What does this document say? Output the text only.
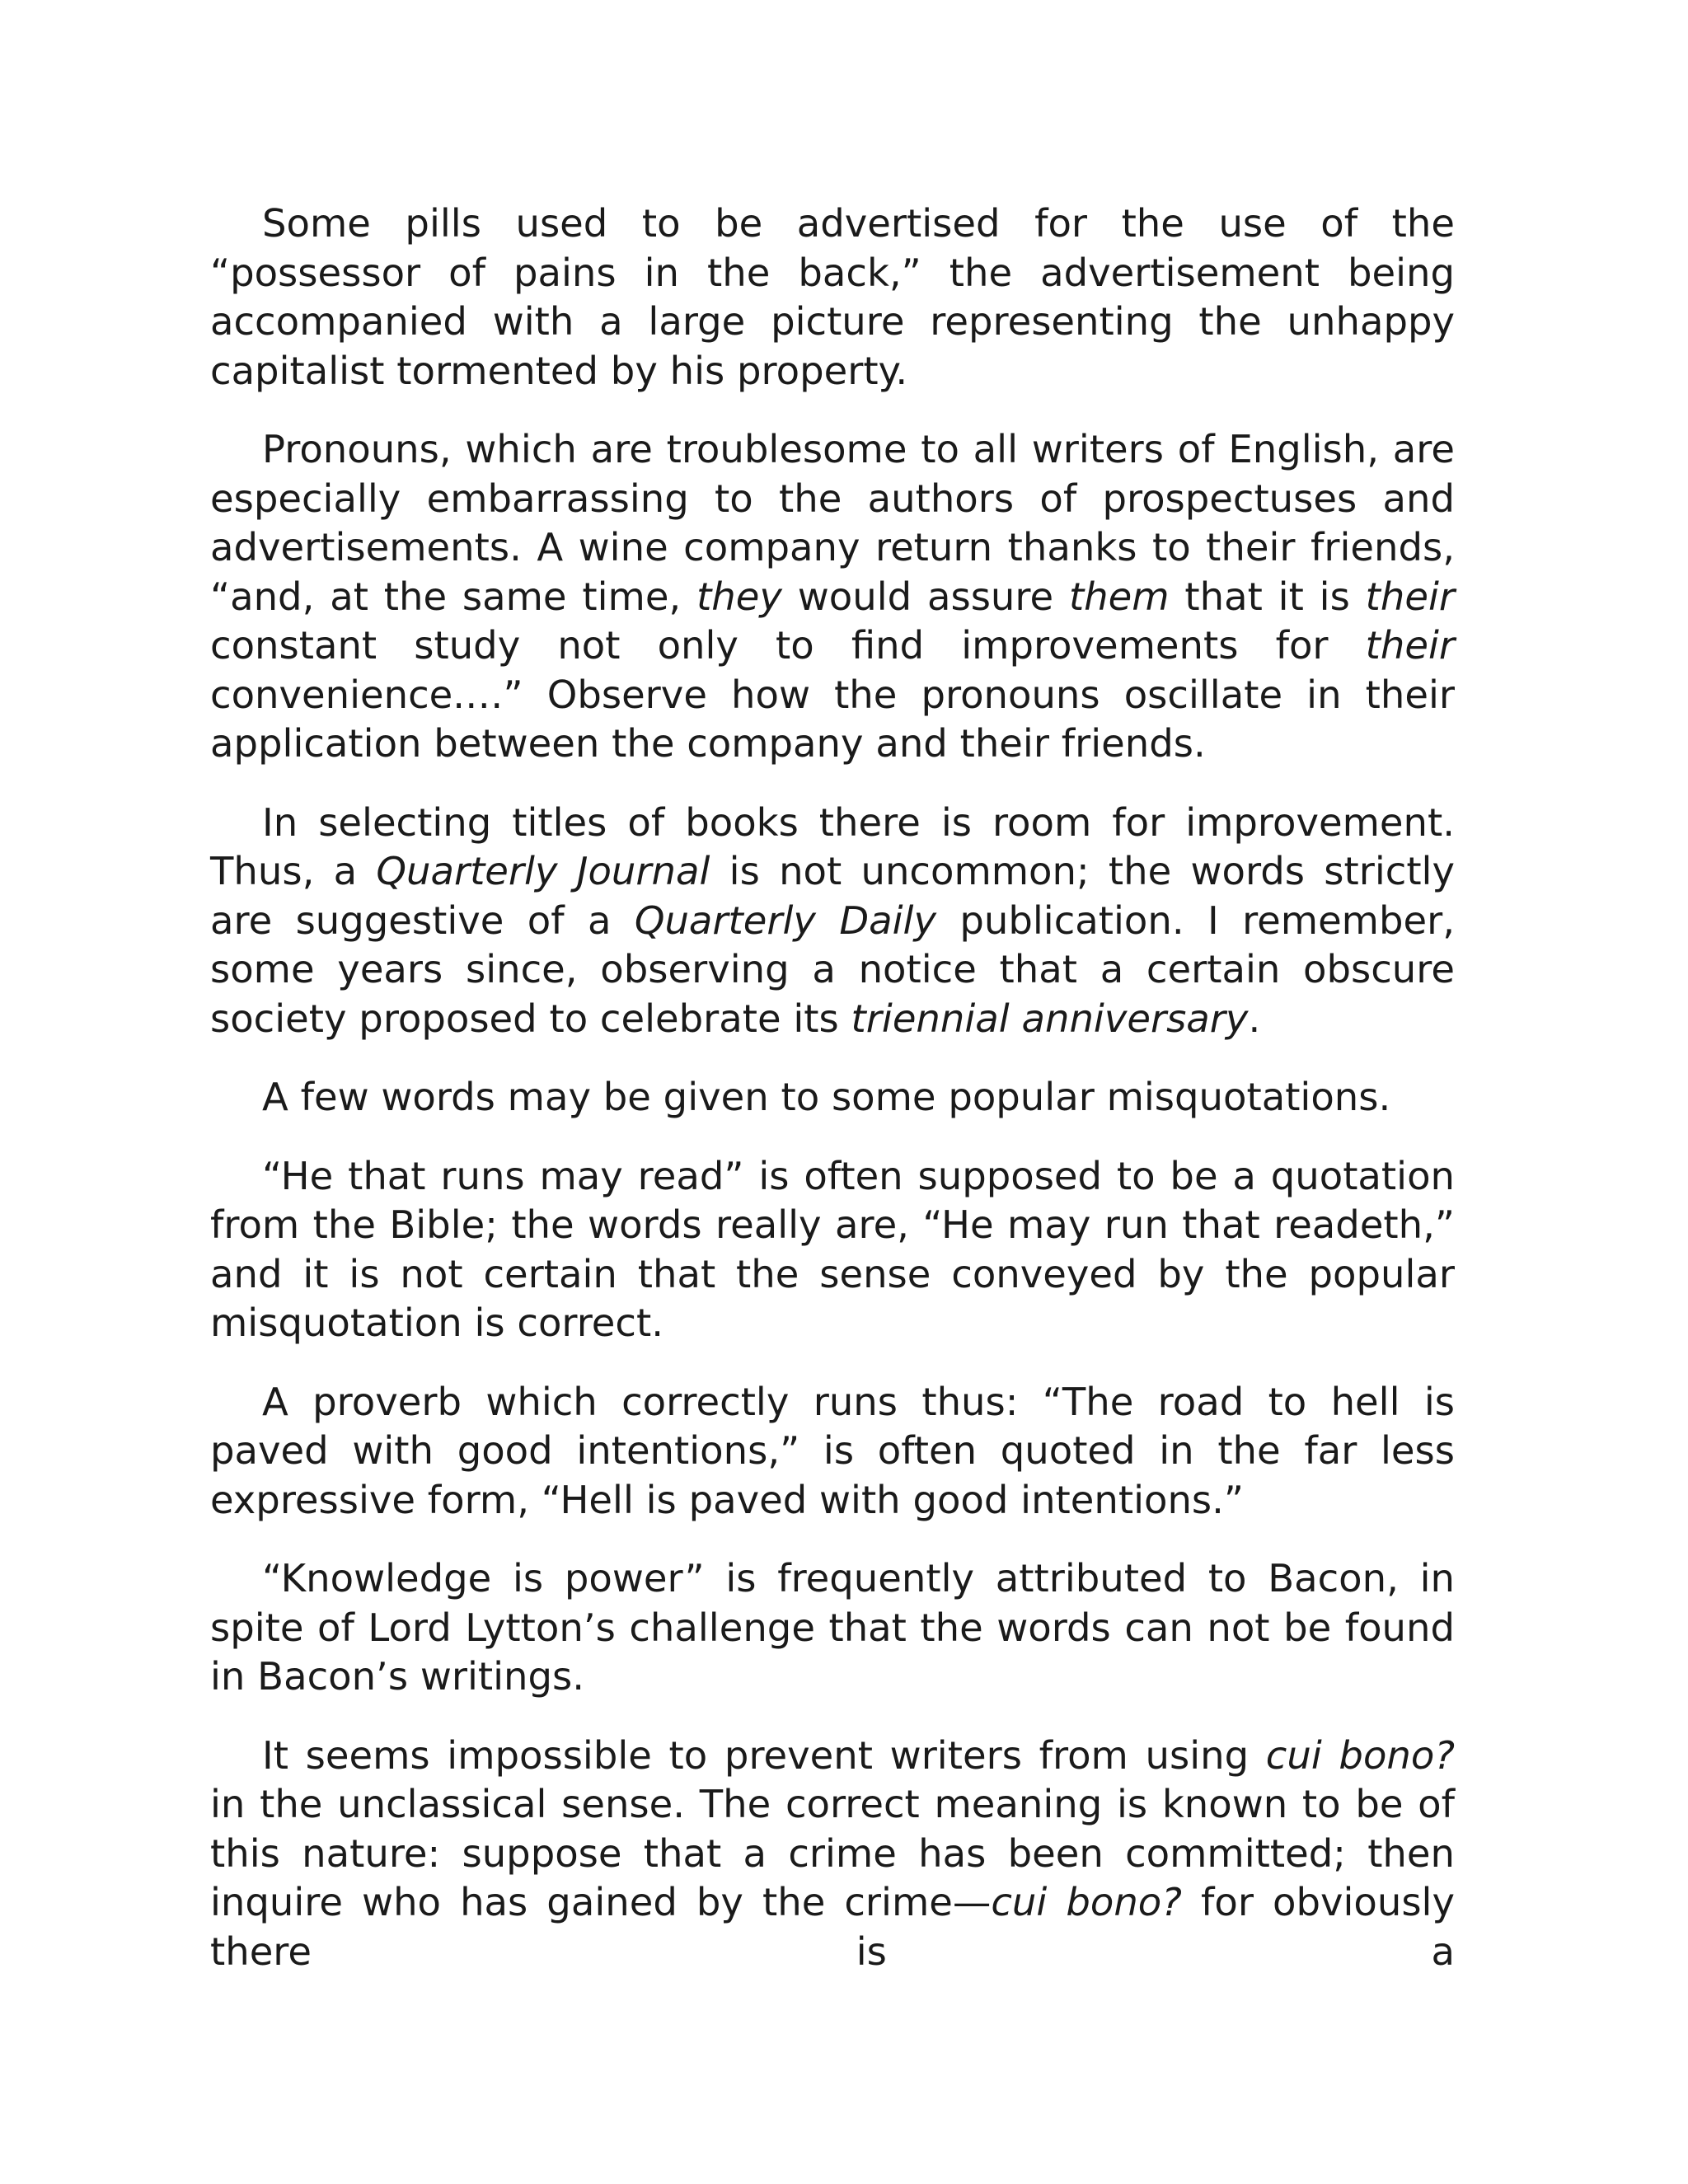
Some pills used to be advertised for the use of the “possessor of pains in the back,” the advertisement being accompanied with a large picture representing the unhappy capitalist tormented by his property.

Pronouns, which are troublesome to all writers of English, are especially embarrassing to the authors of prospectuses and advertisements. A wine company return thanks to their friends, “and, at the same time, they would assure them that it is their constant study not only to find improvements for their convenience.…” Observe how the pronouns oscillate in their application between the company and their friends.

In selecting titles of books there is room for improvement. Thus, a Quarterly Journal is not uncommon; the words strictly are suggestive of a Quarterly Daily publication. I remember, some years since, observing a notice that a certain obscure society proposed to celebrate its triennial anniversary.

A few words may be given to some popular misquotations.

“He that runs may read” is often supposed to be a quotation from the Bible; the words really are, “He may run that readeth,” and it is not certain that the sense conveyed by the popular misquotation is correct.

A proverb which correctly runs thus: “The road to hell is paved with good intentions,” is often quoted in the far less expressive form, “Hell is paved with good intentions.”

“Knowledge is power” is frequently attributed to Bacon, in spite of Lord Lytton’s challenge that the words can not be found in Bacon’s writings.

It seems impossible to prevent writers from using cui bono? in the unclassical sense. The correct meaning is known to be of this nature: suppose that a crime has been committed; then inquire who has gained by the crime—cui bono? for obviously there is a
